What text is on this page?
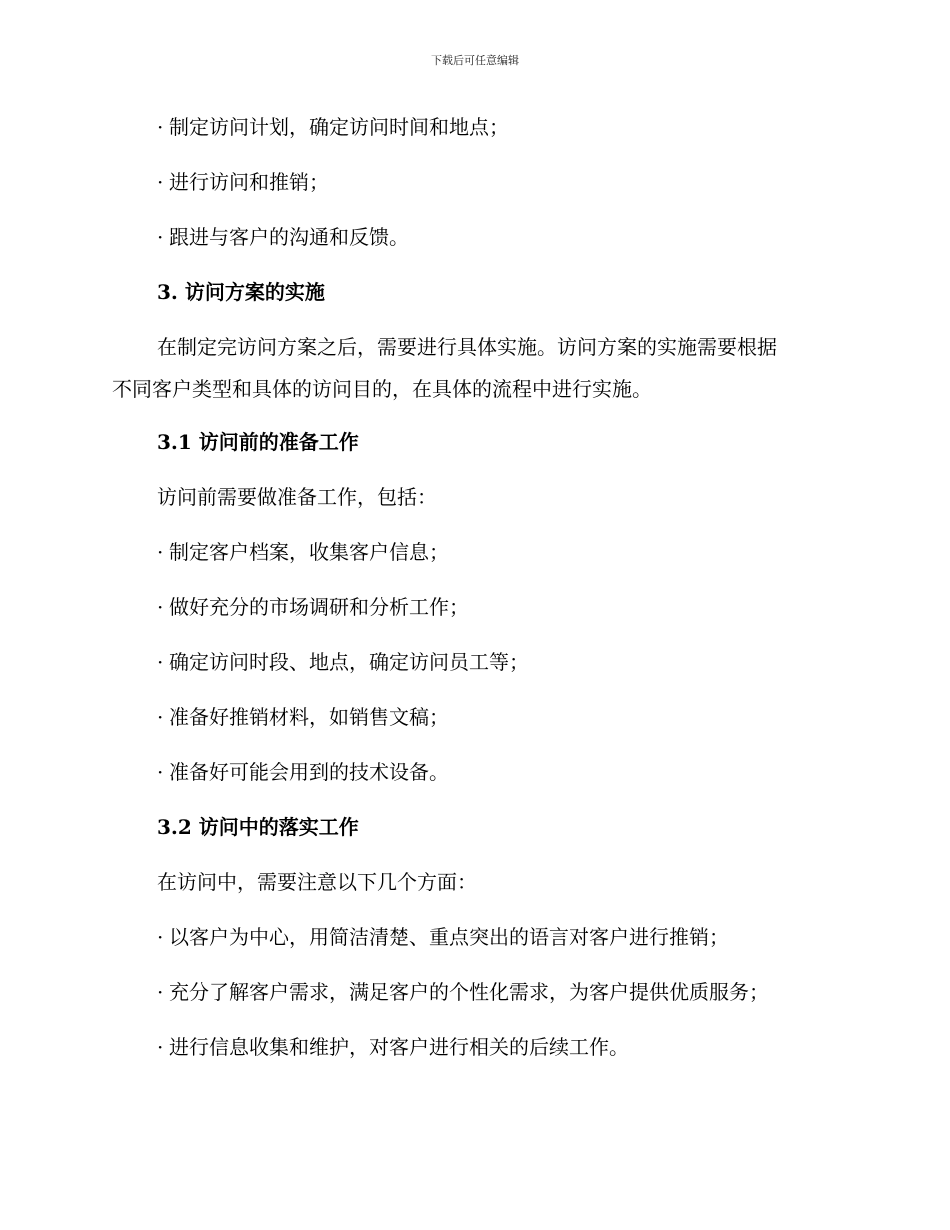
下载后可任意编辑
· 制定访问计划，确定访问时间和地点；
· 进行访问和推销；
· 跟进与客户的沟通和反馈。
3. 访问方案的实施
在制定完访问方案之后，需要进行具体实施。访问方案的实施需要根据
不同客户类型和具体的访问目的，在具体的流程中进行实施。
3.1 访问前的准备工作
访问前需要做准备工作，包括：
· 制定客户档案，收集客户信息；
· 做好充分的市场调研和分析工作；
· 确定访问时段、地点，确定访问员工等；
· 准备好推销材料，如销售文稿；
· 准备好可能会用到的技术设备。
3.2 访问中的落实工作
在访问中，需要注意以下几个方面：
· 以客户为中心，用简洁清楚、重点突出的语言对客户进行推销；
· 充分了解客户需求，满足客户的个性化需求，为客户提供优质服务；
· 进行信息收集和维护，对客户进行相关的后续工作。
